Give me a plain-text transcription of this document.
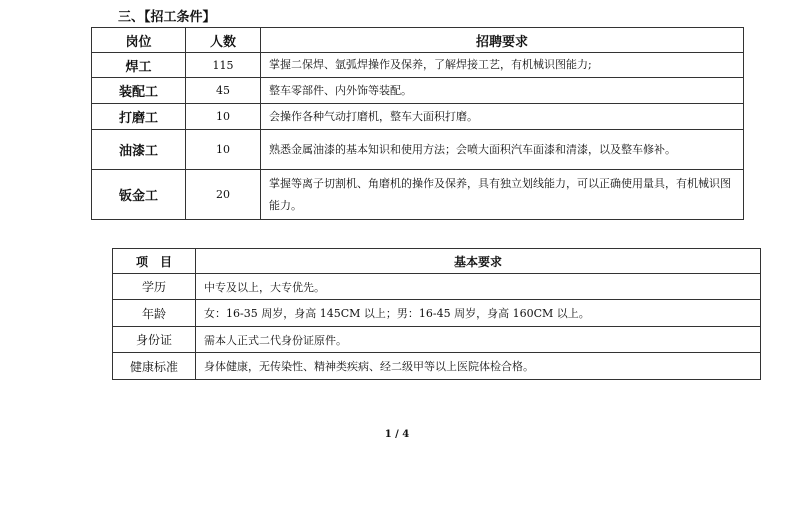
三、【招工条件】
岗位	人数	招聘要求
焊工	115	掌握二保焊、氩弧焊操作及保养，了解焊接工艺，有机械识图能力;
装配工	45	整车零部件、内外饰等装配。
打磨工	10	会操作各种气动打磨机，整车大面积打磨。
油漆工	10	熟悉金属油漆的基本知识和使用方法；会喷大面积汽车面漆和清漆，以及整车修补。
钣金工	20	掌握等离子切割机、角磨机的操作及保养，具有独立划线能力，可以正确使用量具，有机械识图能力。
项　目	基本要求
学历	中专及以上，大专优先。
年龄	女：16-35 周岁，身高 145CM 以上；男：16-45 周岁，身高 160CM 以上。
身份证	需本人正式二代身份证原件。
健康标准	身体健康，无传染性、精神类疾病、经二级甲等以上医院体检合格。
1 / 4
